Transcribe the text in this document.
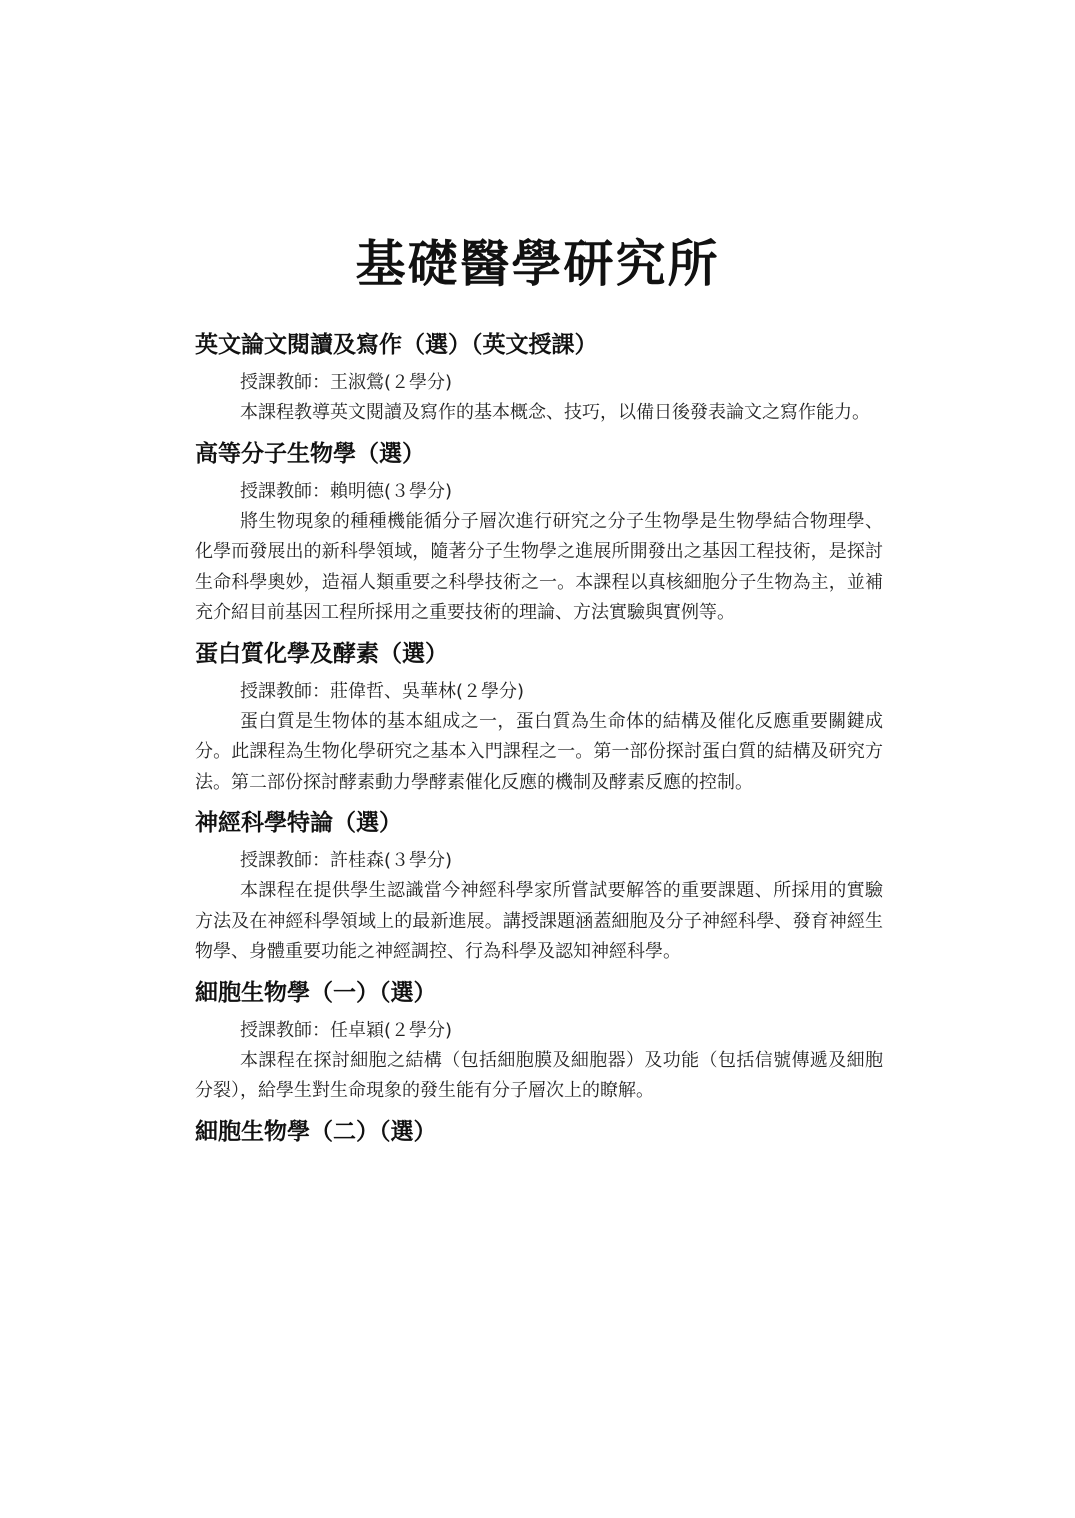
基礎醫學研究所
英文論文閱讀及寫作（選）（英文授課）
授課教師：王淑鶯(２學分)

本課程教導英文閱讀及寫作的基本概念、技巧，以備日後發表論文之寫作能力。

高等分子生物學（選）
授課教師：賴明德(３學分)

將生物現象的種種機能循分子層次進行研究之分子生物學是生物學結合物理學、化學而發展出的新科學領域，隨著分子生物學之進展所開發出之基因工程技術，是探討生命科學奧妙，造福人類重要之科學技術之一。本課程以真核細胞分子生物為主，並補充介紹目前基因工程所採用之重要技術的理論、方法實驗與實例等。

蛋白質化學及酵素（選）
授課教師：莊偉哲、吳華林(２學分)

蛋白質是生物体的基本組成之一，蛋白質為生命体的結構及催化反應重要關鍵成分。此課程為生物化學研究之基本入門課程之一。第一部份探討蛋白質的結構及研究方法。第二部份探討酵素動力學酵素催化反應的機制及酵素反應的控制。

神經科學特論（選）
授課教師：許桂森(３學分)

本課程在提供學生認識當今神經科學家所嘗試要解答的重要課題、所採用的實驗方法及在神經科學領域上的最新進展。講授課題涵蓋細胞及分子神經科學、發育神經生物學、身體重要功能之神經調控、行為科學及認知神經科學。

細胞生物學（一）（選）
授課教師：任卓穎(２學分)

本課程在探討細胞之結構（包括細胞膜及細胞器）及功能（包括信號傳遞及細胞分裂），給學生對生命現象的發生能有分子層次上的瞭解。

細胞生物學（二）（選）
